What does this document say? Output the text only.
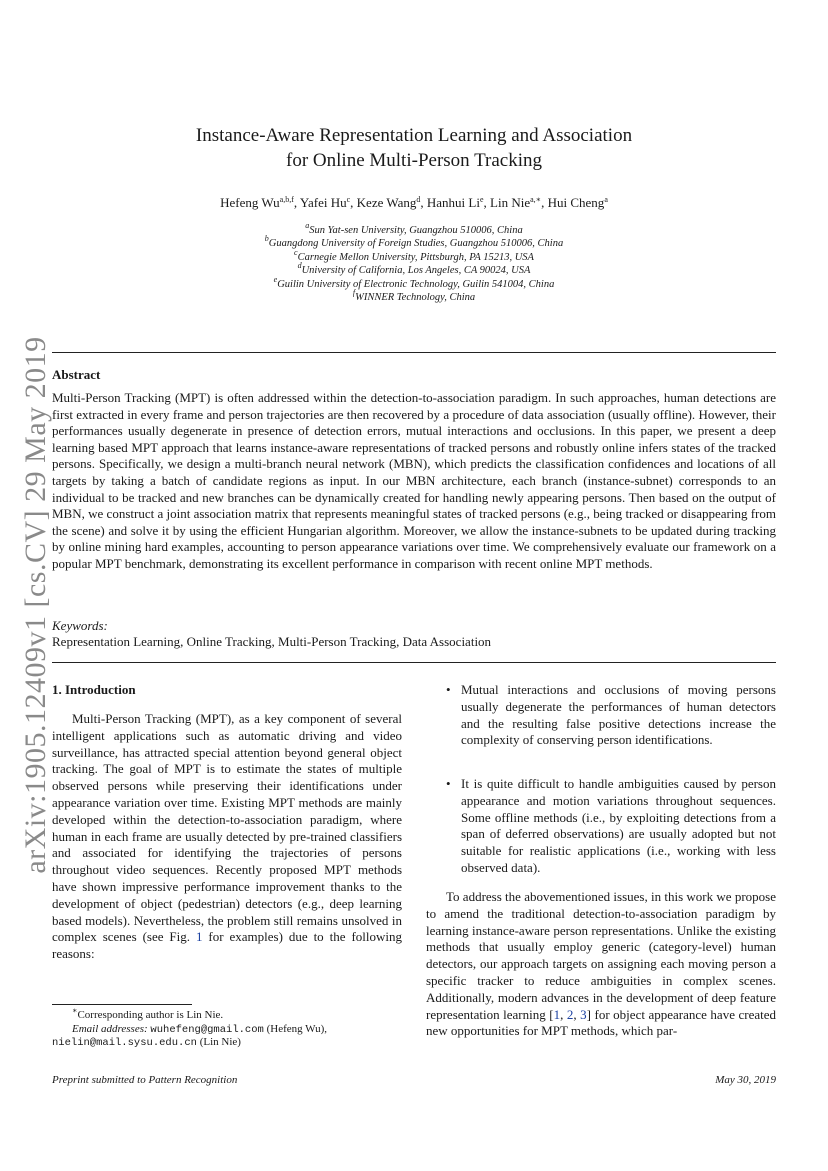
arXiv:1905.12409v1 [cs.CV] 29 May 2019
Instance-Aware Representation Learning and Association
for Online Multi-Person Tracking
Hefeng Wu$^{a,b,f}$, Yafei Hu$^c$, Keze Wang$^d$, Hanhui Li$^e$, Lin Nie$^{a,∗}$, Hui Cheng$^a$
$^a$Sun Yat-sen University, Guangzhou 510006, China
$^b$Guangdong University of Foreign Studies, Guangzhou 510006, China
$^c$Carnegie Mellon University, Pittsburgh, PA 15213, USA
$^d$University of California, Los Angeles, CA 90024, USA
$^e$Guilin University of Electronic Technology, Guilin 541004, China
$^f$WINNER Technology, China
Abstract
Multi-Person Tracking (MPT) is often addressed within the detection-to-association paradigm. In such approaches, human detections are first extracted in every frame and person trajectories are then recovered by a procedure of data association (usually offline). However, their performances usually degenerate in presence of detection errors, mutual interactions and occlusions. In this paper, we present a deep learning based MPT approach that learns instance-aware representations of tracked persons and robustly online infers states of the tracked persons. Specifically, we design a multi-branch neural network (MBN), which predicts the classification confidences and locations of all targets by taking a batch of candidate regions as input. In our MBN architecture, each branch (instance-subnet) corresponds to an individual to be tracked and new branches can be dynamically created for handling newly appearing persons. Then based on the output of MBN, we construct a joint association matrix that represents meaningful states of tracked persons (e.g., being tracked or disappearing from the scene) and solve it by using the efficient Hungarian algorithm. Moreover, we allow the instance-subnets to be updated during tracking by online mining hard examples, accounting to person appearance variations over time. We comprehensively evaluate our framework on a popular MPT benchmark, demonstrating its excellent performance in comparison with recent online MPT methods.
Keywords:
Representation Learning, Online Tracking, Multi-Person Tracking, Data Association
1. Introduction
Multi-Person Tracking (MPT), as a key component of several intelligent applications such as automatic driving and video surveillance, has attracted special attention beyond general object tracking. The goal of MPT is to estimate the states of multiple observed persons while preserving their identifications under appearance variation over time. Existing MPT methods are mainly developed within the detection-to-association paradigm, where human in each frame are usually detected by pre-trained classifiers and associated for identifying the trajectories of persons throughout video sequences. Recently proposed MPT methods have shown impressive performance improvement thanks to the development of object (pedestrian) detectors (e.g., deep learning based models). Nevertheless, the problem still remains unsolved in complex scenes (see Fig. 1 for examples) due to the following reasons:
• Mutual interactions and occlusions of moving persons usually degenerate the performances of human detectors and the resulting false positive detections increase the complexity of conserving person identifications.
• It is quite difficult to handle ambiguities caused by person appearance and motion variations throughout sequences. Some offline methods (i.e., by exploiting detections from a span of deferred observations) are usually adopted but not suitable for realistic applications (i.e., working with less observed data).
To address the abovementioned issues, in this work we propose to amend the traditional detection-to-association paradigm by learning instance-aware person representations. Unlike the existing methods that usually employ generic (category-level) human detectors, our approach targets on assigning each moving person a specific tracker to reduce ambiguities in complex scenes. Additionally, modern advances in the development of deep feature representation learning [1, 2, 3] for object appearance have created new opportunities for MPT methods, which par-
∗Corresponding author is Lin Nie.
Email addresses: wuhefeng@gmail.com (Hefeng Wu),
nielin@mail.sysu.edu.cn (Lin Nie)
Preprint submitted to Pattern Recognition	May 30, 2019
